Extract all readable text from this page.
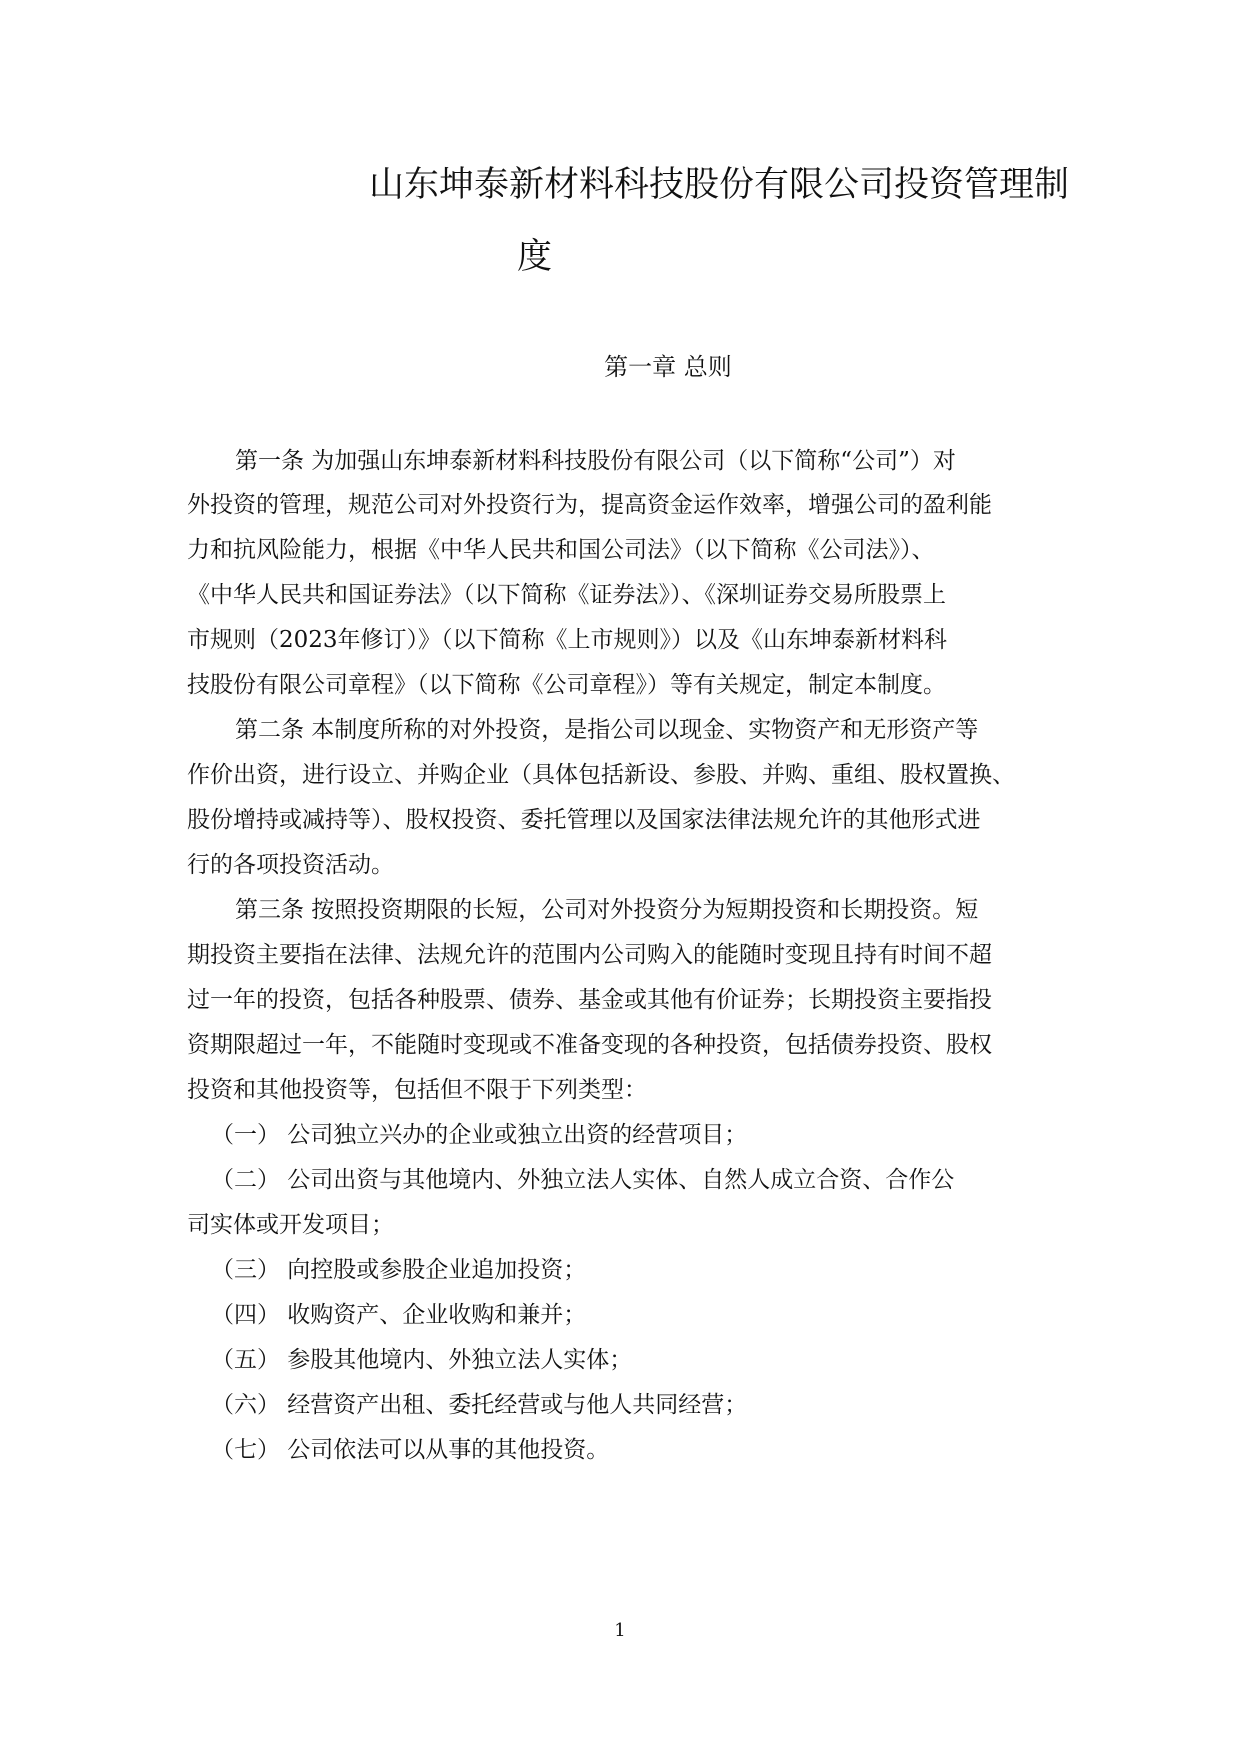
山东坤泰新材料科技股份有限公司投资管理制
度
第一章 总则

第一条 为加强山东坤泰新材料科技股份有限公司（以下简称“公司”）对

外投资的管理，规范公司对外投资行为，提高资金运作效率，增强公司的盈利能

力和抗风险能力，根据《中华人民共和国公司法》（以下简称《公司法》）、

《中华人民共和国证券法》（以下简称《证券法》）、《深圳证券交易所股票上

市规则（2023年修订）》（以下简称《上市规则》）以及《山东坤泰新材料科

技股份有限公司章程》（以下简称《公司章程》）等有关规定，制定本制度。

第二条 本制度所称的对外投资，是指公司以现金、实物资产和无形资产等

作价出资，进行设立、并购企业（具体包括新设、参股、并购、重组、股权置换、

股份增持或减持等）、股权投资、委托管理以及国家法律法规允许的其他形式进

行的各项投资活动。

第三条 按照投资期限的长短，公司对外投资分为短期投资和长期投资。短

期投资主要指在法律、法规允许的范围内公司购入的能随时变现且持有时间不超

过一年的投资，包括各种股票、债券、基金或其他有价证券；长期投资主要指投

资期限超过一年，不能随时变现或不准备变现的各种投资，包括债券投资、股权

投资和其他投资等，包括但不限于下列类型：

（一） 公司独立兴办的企业或独立出资的经营项目；

（二） 公司出资与其他境内、外独立法人实体、自然人成立合资、合作公

司实体或开发项目；

（三） 向控股或参股企业追加投资；

（四） 收购资产、企业收购和兼并；

（五） 参股其他境内、外独立法人实体；

（六） 经营资产出租、委托经营或与他人共同经营；

（七） 公司依法可以从事的其他投资。

1
